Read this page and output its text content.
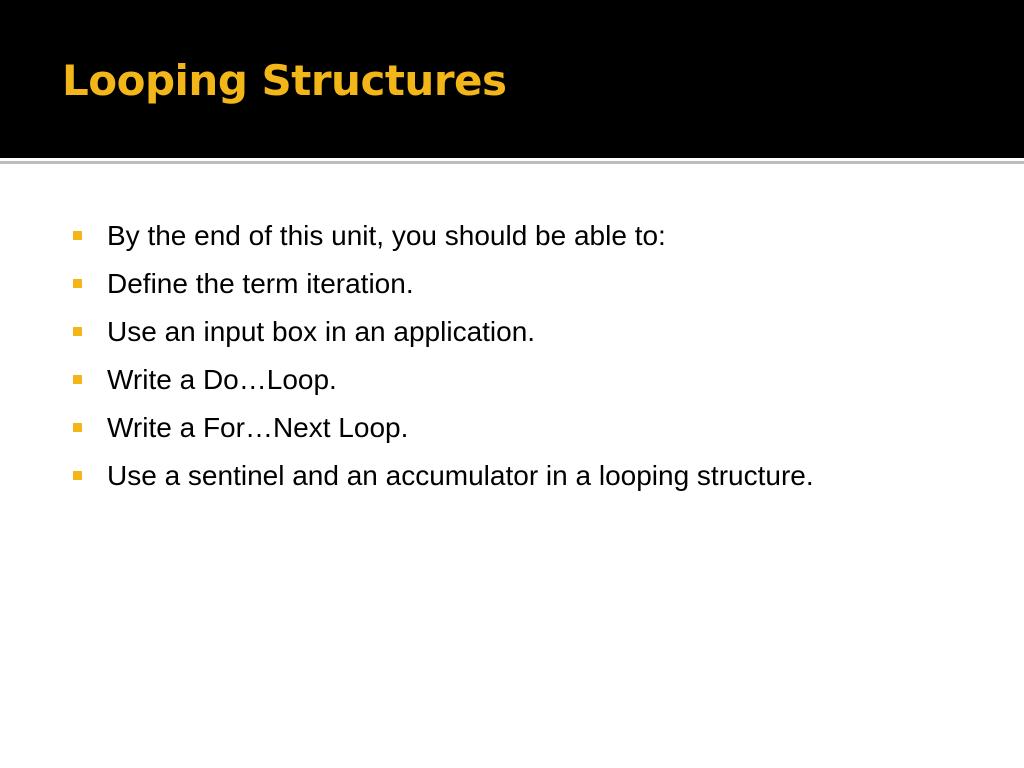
Looping Structures
By the end of this unit, you should be able to:
Define the term iteration.
Use an input box in an application.
Write a Do…Loop.
Write a For…Next Loop.
Use a sentinel and an accumulator in a looping structure.
